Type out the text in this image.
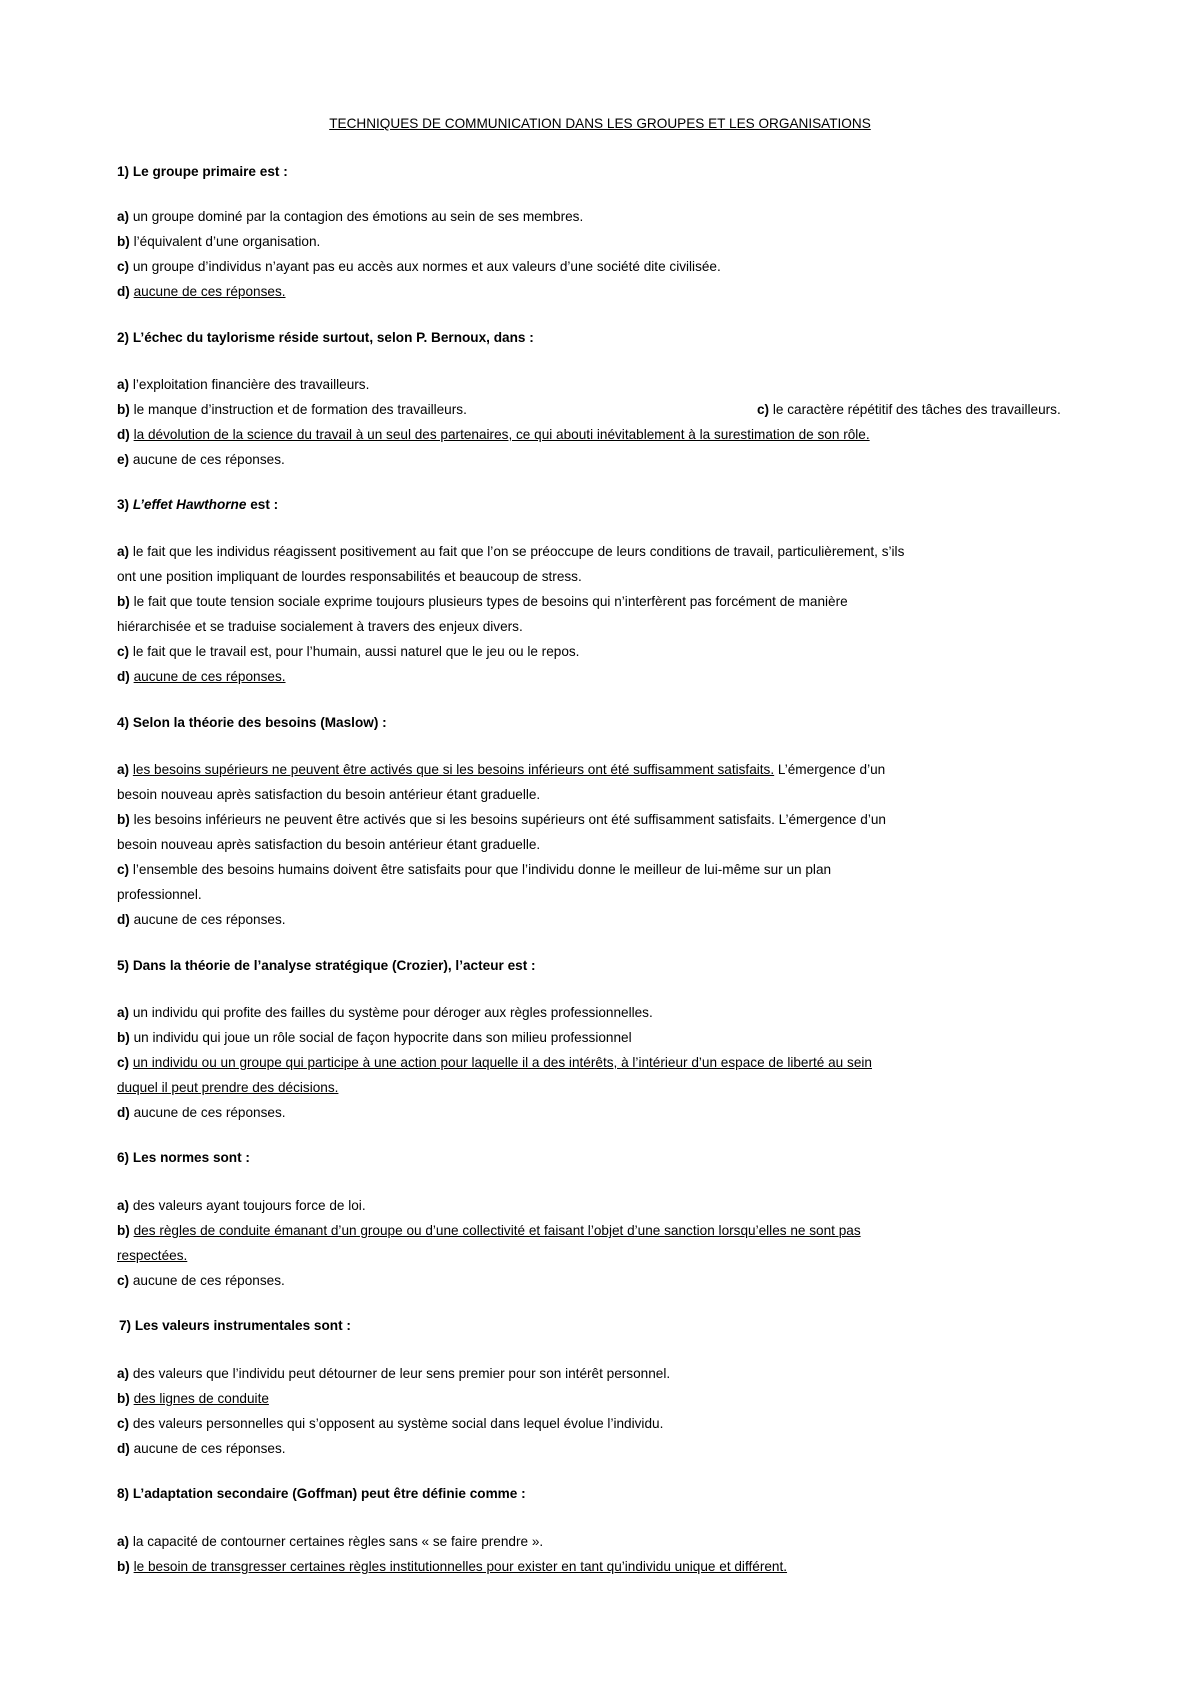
TECHNIQUES DE COMMUNICATION DANS LES GROUPES ET LES ORGANISATIONS
1) Le groupe primaire est :
a) un groupe dominé par la contagion des émotions au sein de ses membres.
b) l’équivalent d’une organisation.
c) un groupe d’individus n’ayant pas eu accès aux normes et aux valeurs d’une société dite civilisée.
d) aucune de ces réponses.
2) L’échec du taylorisme réside surtout, selon P. Bernoux, dans :
a) l’exploitation financière des travailleurs.
b) le manque d’instruction et de formation des travailleurs.	c) le caractère répétitif des tâches des travailleurs.
d) la dévolution de la science du travail à un seul des partenaires, ce qui abouti inévitablement à la surestimation de son rôle.
e) aucune de ces réponses.
3) L’effet Hawthorne est :
a) le fait que les individus réagissent positivement au fait que l’on se préoccupe de leurs conditions de travail, particulièrement, s’ils
ont une position impliquant de lourdes responsabilités et beaucoup de stress.
b) le fait que toute tension sociale exprime toujours plusieurs types de besoins qui n’interfèrent pas forcément de manière
hiérarchisée et se traduise socialement à travers des enjeux divers.
c) le fait que le travail est, pour l’humain, aussi naturel que le jeu ou le repos.
d) aucune de ces réponses.
4) Selon la théorie des besoins (Maslow) :
a) les besoins supérieurs ne peuvent être activés que si les besoins inférieurs ont été suffisamment satisfaits. L’émergence d’un
besoin nouveau après satisfaction du besoin antérieur étant graduelle.
b) les besoins inférieurs ne peuvent être activés que si les besoins supérieurs ont été suffisamment satisfaits. L’émergence d’un
besoin nouveau après satisfaction du besoin antérieur étant graduelle.
c) l’ensemble des besoins humains doivent être satisfaits pour que l’individu donne le meilleur de lui-même sur un plan
professionnel.
d) aucune de ces réponses.
5) Dans la théorie de l’analyse stratégique (Crozier), l’acteur est :
a) un individu qui profite des failles du système pour déroger aux règles professionnelles.
b) un individu qui joue un rôle social de façon hypocrite dans son milieu professionnel
c) un individu ou un groupe qui participe à une action pour laquelle il a des intérêts, à l’intérieur d’un espace de liberté au sein
duquel il peut prendre des décisions.
d) aucune de ces réponses.
6) Les normes sont :
a) des valeurs ayant toujours force de loi.
b) des règles de conduite émanant d’un groupe ou d’une collectivité et faisant l’objet d’une sanction lorsqu’elles ne sont pas
respectées.
c) aucune de ces réponses.
7) Les valeurs instrumentales sont :
a) des valeurs que l’individu peut détourner de leur sens premier pour son intérêt personnel.
b) des lignes de conduite
c) des valeurs personnelles qui s’opposent au système social dans lequel évolue l’individu.
d) aucune de ces réponses.
8) L’adaptation secondaire (Goffman) peut être définie comme :
a) la capacité de contourner certaines règles sans « se faire prendre ».
b) le besoin de transgresser certaines règles institutionnelles pour exister en tant qu’individu unique et différent.
